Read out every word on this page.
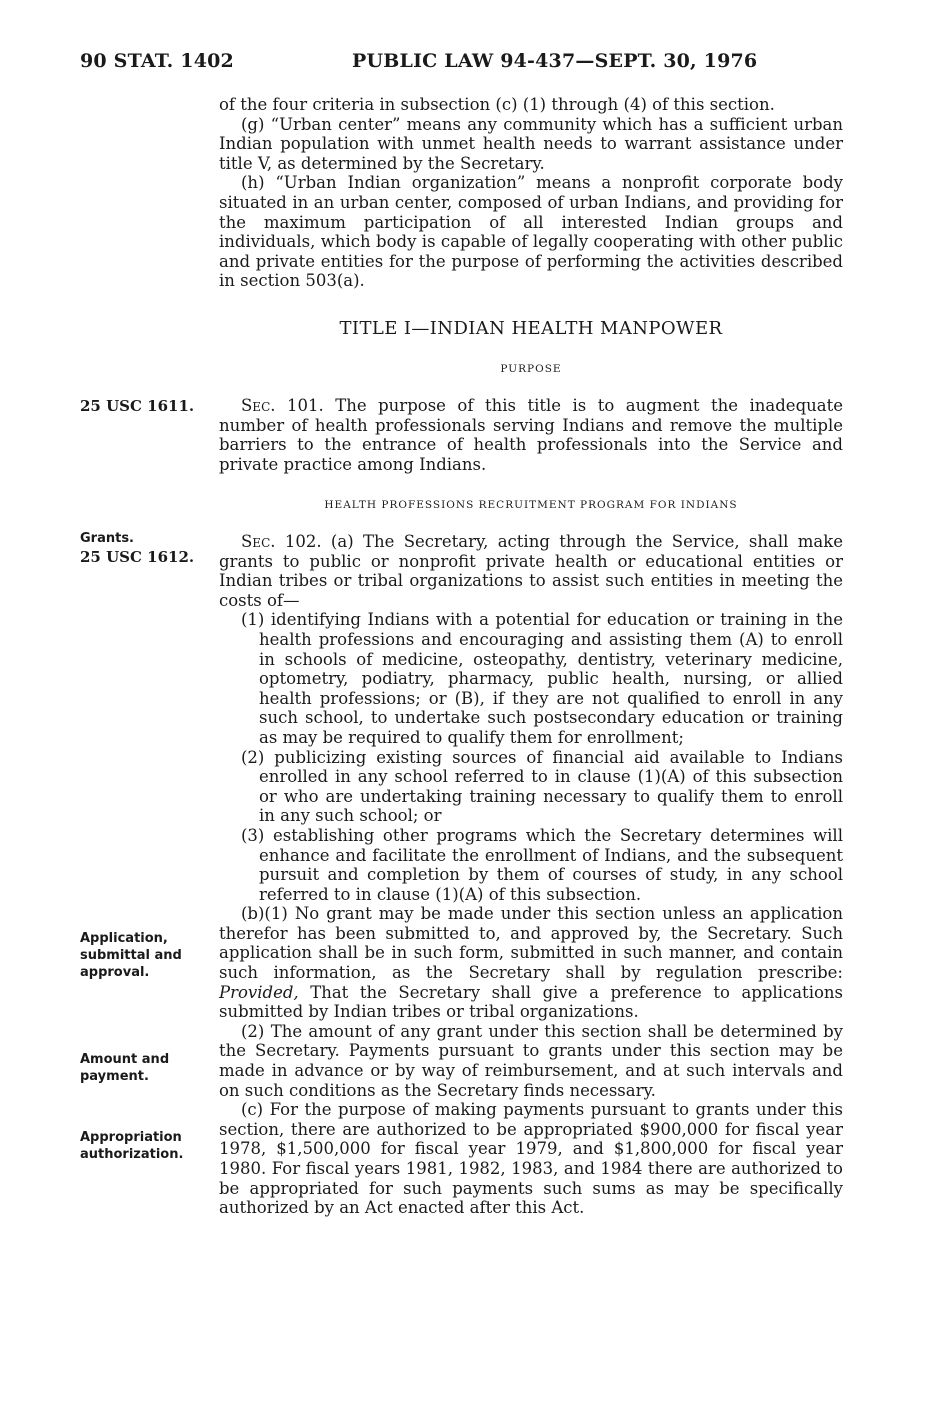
90 STAT. 1402	PUBLIC LAW 94-437—SEPT. 30, 1976

of the four criteria in subsection (c) (1) through (4) of this section.

(g) “Urban center” means any community which has a sufficient urban Indian population with unmet health needs to warrant assistance under title V, as determined by the Secretary.

(h) “Urban Indian organization” means a nonprofit corporate body situated in an urban center, composed of urban Indians, and providing for the maximum participation of all interested Indian groups and individuals, which body is capable of legally cooperating with other public and private entities for the purpose of performing the activities described in section 503(a).

TITLE I—INDIAN HEALTH MANPOWER
PURPOSE
25 USC 1611.	Sec. 101. The purpose of this title is to augment the inadequate number of health professionals serving Indians and remove the multiple barriers to the entrance of health professionals into the Service and private practice among Indians.

HEALTH PROFESSIONS RECRUITMENT PROGRAM FOR INDIANS
Grants.
25 USC 1612.

Sec. 102. (a) The Secretary, acting through the Service, shall make grants to public or nonprofit private health or educational entities or Indian tribes or tribal organizations to assist such entities in meeting the costs of—

(1) identifying Indians with a potential for education or training in the health professions and encouraging and assisting them (A) to enroll in schools of medicine, osteopathy, dentistry, veterinary medicine, optometry, podiatry, pharmacy, public health, nursing, or allied health professions; or (B), if they are not qualified to enroll in any such school, to undertake such postsecondary education or training as may be required to qualify them for enrollment;

(2) publicizing existing sources of financial aid available to Indians enrolled in any school referred to in clause (1)(A) of this subsection or who are undertaking training necessary to qualify them to enroll in any such school; or

(3) establishing other programs which the Secretary determines will enhance and facilitate the enrollment of Indians, and the subsequent pursuit and completion by them of courses of study, in any school referred to in clause (1)(A) of this subsection.

(b)(1) No grant may be made under this section unless an application therefor has been submitted to, and approved by, the Secretary. Such application shall be in such form, submitted in such manner, and contain such information, as the Secretary shall by regulation prescribe: Provided, That the Secretary shall give a preference to applications submitted by Indian tribes or tribal organizations.

(2) The amount of any grant under this section shall be determined by the Secretary. Payments pursuant to grants under this section may be made in advance or by way of reimbursement, and at such intervals and on such conditions as the Secretary finds necessary.

(c) For the purpose of making payments pursuant to grants under this section, there are authorized to be appropriated $900,000 for fiscal year 1978, $1,500,000 for fiscal year 1979, and $1,800,000 for fiscal year 1980. For fiscal years 1981, 1982, 1983, and 1984 there are authorized to be appropriated for such payments such sums as may be specifically authorized by an Act enacted after this Act.

Application, submittal and approval.
Amount and payment.
Appropriation authorization.
